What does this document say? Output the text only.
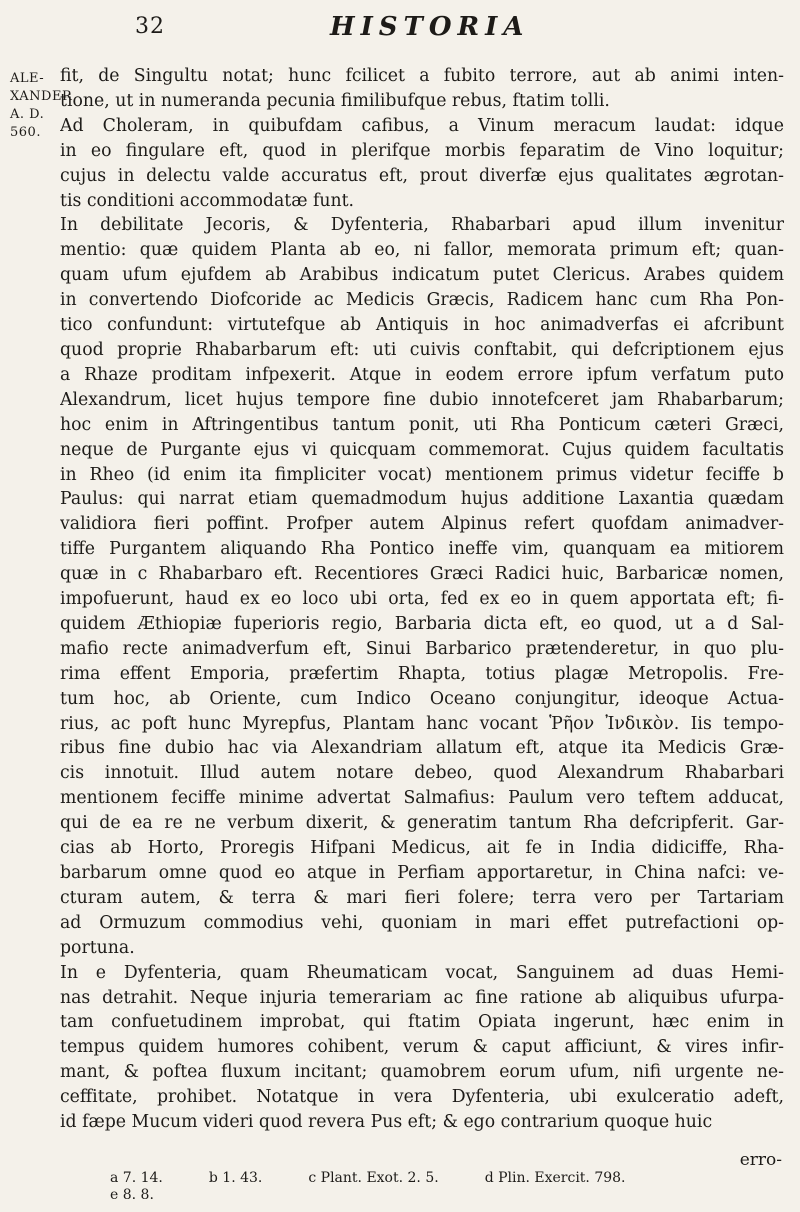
32	HISTORIA
ALE-
XANDER
A. D.
560.
fit, de Singultu notat; hunc fcilicet a fubito terrore, aut ab animi inten-
tione, ut in numeranda pecunia fimilibufque rebus, ftatim tolli.
Ad Choleram, in quibufdam cafibus, a Vinum meracum laudat: idque
in eo fingulare eft, quod in plerifque morbis feparatim de Vino loquitur;
cujus in delectu valde accuratus eft, prout diverfæ ejus qualitates ægrotan-
tis conditioni accommodatæ funt.
In debilitate Jecoris, & Dyfenteria, Rhabarbari apud illum invenitur
mentio: quæ quidem Planta ab eo, ni fallor, memorata primum eft; quan-
quam ufum ejufdem ab Arabibus indicatum putet Clericus. Arabes quidem
in convertendo Diofcoride ac Medicis Græcis, Radicem hanc cum Rha Pon-
tico confundunt: virtutefque ab Antiquis in hoc animadverfas ei afcribunt
quod proprie Rhabarbarum eft: uti cuivis conftabit, qui defcriptionem ejus
a Rhaze proditam infpexerit. Atque in eodem errore ipfum verfatum puto
Alexandrum, licet hujus tempore fine dubio innotefceret jam Rhabarbarum;
hoc enim in Aftringentibus tantum ponit, uti Rha Ponticum cæteri Græci,
neque de Purgante ejus vi quicquam commemorat. Cujus quidem facultatis
in Rheo (id enim ita fimpliciter vocat) mentionem primus videtur feciffe b
Paulus: qui narrat etiam quemadmodum hujus additione Laxantia quædam
validiora fieri poffint. Profper autem Alpinus refert quofdam animadver-
tiffe Purgantem aliquando Rha Pontico ineffe vim, quanquam ea mitiorem
quæ in c Rhabarbaro eft. Recentiores Græci Radici huic, Barbaricæ nomen,
impofuerunt, haud ex eo loco ubi orta, fed ex eo in quem apportata eft; fi-
quidem Æthiopiæ fuperioris regio, Barbaria dicta eft, eo quod, ut a d Sal-
mafio recte animadverfum eft, Sinui Barbarico prætenderetur, in quo plu-
rima effent Emporia, præfertim Rhapta, totius plagæ Metropolis. Fre-
tum hoc, ab Oriente, cum Indico Oceano conjungitur, ideoque Actua-
rius, ac poft hunc Myrepfus, Plantam hanc vocant Ῥῆον Ἰνδικὸν. Iis tempo-
ribus fine dubio hac via Alexandriam allatum eft, atque ita Medicis Græ-
cis innotuit. Illud autem notare debeo, quod Alexandrum Rhabarbari
mentionem feciffe minime advertat Salmafius: Paulum vero teftem adducat,
qui de ea re ne verbum dixerit, & generatim tantum Rha defcripferit. Gar-
cias ab Horto, Proregis Hifpani Medicus, ait fe in India didiciffe, Rha-
barbarum omne quod eo atque in Perfiam apportaretur, in China nafci: ve-
cturam autem, & terra & mari fieri folere; terra vero per Tartariam
ad Ormuzum commodius vehi, quoniam in mari effet putrefactioni op-
portuna.
In e Dyfenteria, quam Rheumaticam vocat, Sanguinem ad duas Hemi-
nas detrahit. Neque injuria temerariam ac fine ratione ab aliquibus ufurpa-
tam confuetudinem improbat, qui ftatim Opiata ingerunt, hæc enim in
tempus quidem humores cohibent, verum & caput afficiunt, & vires infir-
mant, & poftea fluxum incitant; quamobrem eorum ufum, nifi urgente ne-
ceffitate, prohibet. Notatque in vera Dyfenteria, ubi exulceratio adeft,
id fæpe Mucum videri quod revera Pus eft; & ego contrarium quoque huic
erro-
a 7. 14.	b 1. 43.	c Plant. Exot. 2. 5.	d Plin. Exercit. 798.
e 8. 8.
